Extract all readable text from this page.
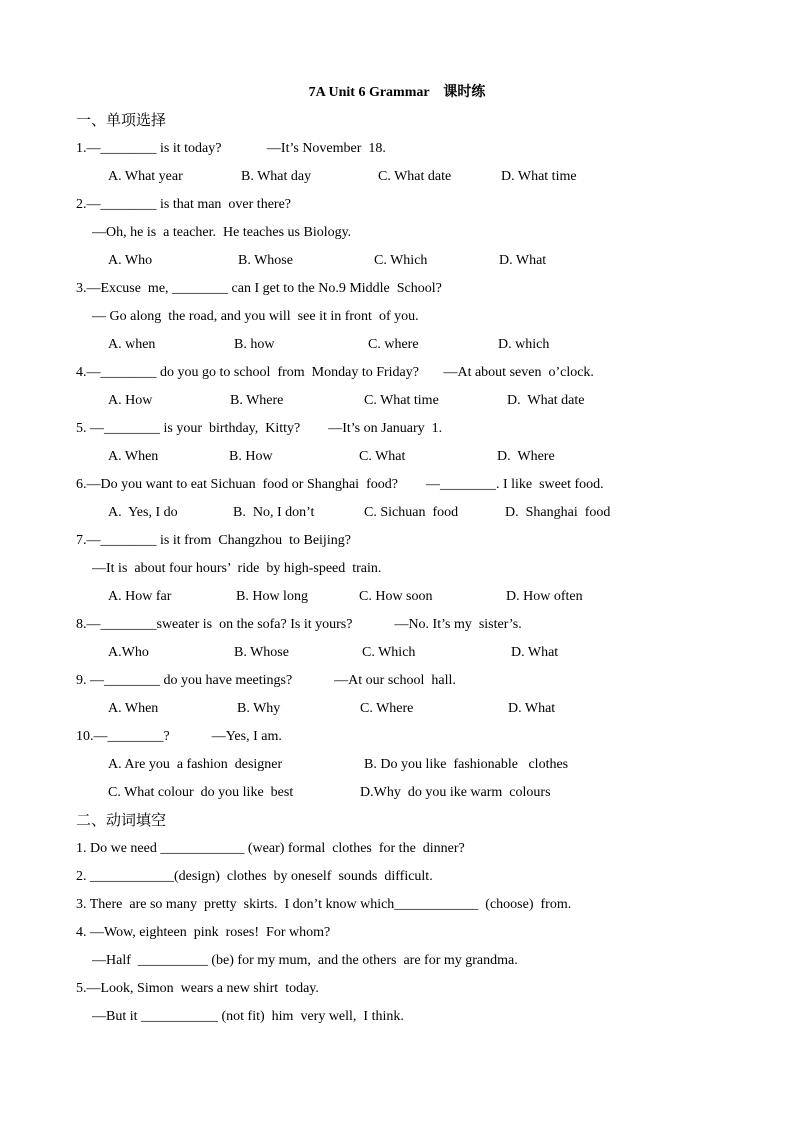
7A Unit 6 Grammar　课时练
一、单项选择
1.—________ is it today?             —It’s November  18.
A. What year	B. What day	C. What date	D. What time
2.—________ is that man  over there?
—Oh, he is  a teacher.  He teaches us Biology.
A. Who	B. Whose	C. Which	D. What
3.—Excuse  me, ________ can I get to the No.9 Middle  School?
— Go along  the road, and you will  see it in front  of you.
A. when	B. how	C. where	D. which
4.—________ do you go to school  from  Monday to Friday?       —At about seven  o’clock.
A. How	B. Where	C. What time	D.  What date
5. —________ is your  birthday,  Kitty?        —It’s on January  1.
A. When	B. How	C. What	D.  Where
6.—Do you want to eat Sichuan  food or Shanghai  food?        —________. I like  sweet food.
A.  Yes, I do	B.  No, I don’t	C. Sichuan  food	D.  Shanghai  food
7.—________ is it from  Changzhou  to Beijing?
—It is  about four hours’  ride  by high-speed  train.
A. How far	B. How long	C. How soon	D. How often
8.—________sweater is  on the sofa? Is it yours?            —No. It’s my  sister’s.
A.Who	B. Whose	C. Which	D. What
9. —________ do you have meetings?            —At our school  hall.
A. When	B. Why	C. Where	D. What
10.—________?            —Yes, I am.
A. Are you  a fashion  designer	B. Do you like  fashionable   clothes
C. What colour  do you like  best	D.Why  do you ike warm  colours
二、动词填空
1. Do we need ____________ (wear) formal  clothes  for the  dinner?
2. ____________(design)  clothes  by oneself  sounds  difficult.
3. There  are so many  pretty  skirts.  I don’t know which____________  (choose)  from.
4. —Wow, eighteen  pink  roses!  For whom?
—Half  __________ (be) for my mum,  and the others  are for my grandma.
5.—Look, Simon  wears a new shirt  today.
—But it ___________ (not fit)  him  very well,  I think.
